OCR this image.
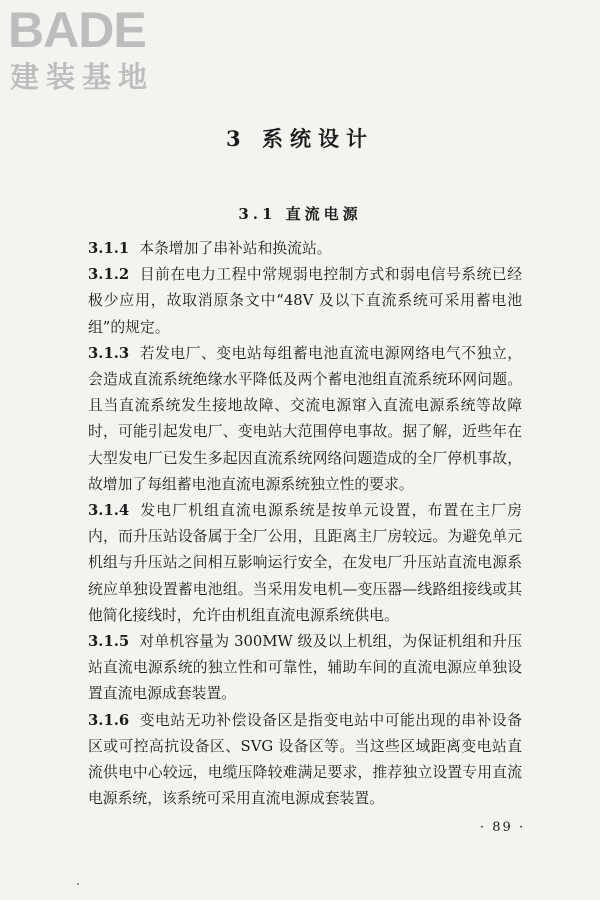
BADE
建装基地
3 系统设计
3.1 直流电源

3.1.1 本条增加了串补站和换流站。

3.1.2 目前在电力工程中常规弱电控制方式和弱电信号系统已经极少应用，故取消原条文中“48V 及以下直流系统可采用蓄电池组”的规定。

3.1.3 若发电厂、变电站每组蓄电池直流电源网络电气不独立，会造成直流系统绝缘水平降低及两个蓄电池组直流系统环网问题。且当直流系统发生接地故障、交流电源窜入直流电源系统等故障时，可能引起发电厂、变电站大范围停电事故。据了解，近些年在大型发电厂已发生多起因直流系统网络问题造成的全厂停机事故，故增加了每组蓄电池直流电源系统独立性的要求。

3.1.4 发电厂机组直流电源系统是按单元设置，布置在主厂房内，而升压站设备属于全厂公用，且距离主厂房较远。为避免单元机组与升压站之间相互影响运行安全，在发电厂升压站直流电源系统应单独设置蓄电池组。当采用发电机—变压器—线路组接线或其他简化接线时，允许由机组直流电源系统供电。

3.1.5 对单机容量为 300MW 级及以上机组，为保证机组和升压站直流电源系统的独立性和可靠性，辅助车间的直流电源应单独设置直流电源成套装置。

3.1.6 变电站无功补偿设备区是指变电站中可能出现的串补设备区或可控高抗设备区、SVG 设备区等。当这些区域距离变电站直流供电中心较远，电缆压降较难满足要求，推荐独立设置专用直流电源系统，该系统可采用直流电源成套装置。

· 89 ·
